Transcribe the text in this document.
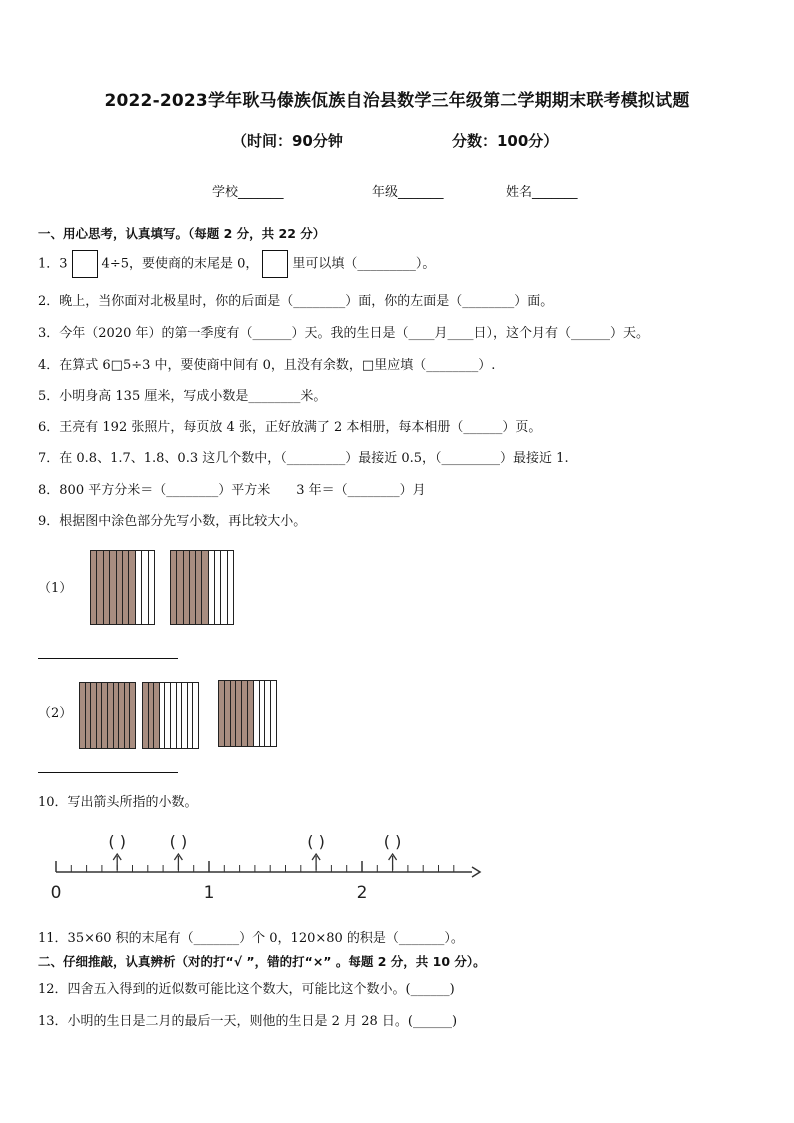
2022-2023学年耿马傣族佤族自治县数学三年级第二学期期末联考模拟试题
（时间：90分钟	分数：100分）
学校_______	年级_______	姓名_______
一、用心思考，认真填写。（每题 2 分，共 22 分）
1．3	4÷5，要使商的末尾是 0，	里可以填（_________）。
2．晚上，当你面对北极星时，你的后面是（________）面，你的左面是（________）面。
3．今年（2020 年）的第一季度有（______）天。我的生日是（____月____日），这个月有（______）天。
4．在算式 6□5÷3 中，要使商中间有 0，且没有余数，□里应填（________）.
5．小明身高 135 厘米，写成小数是________米。
6．王亮有 192 张照片，每页放 4 张，正好放满了 2 本相册，每本相册（______）页。
7．在 0.8、1.7、1.8、0.3 这几个数中，（_________）最接近 0.5，（_________）最接近 1.
8．800 平方分米＝（________）平方米　　3 年＝（________）月
9．根据图中涂色部分先写小数，再比较大小。
（1）
（2）
10．写出箭头所指的小数。
0	1	2
( )	( )	( )	( )
11．35×60 积的末尾有（_______）个 0，120×80 的积是（_______）。
二、仔细推敲，认真辨析（对的打“√ ”，错的打“×” 。每题 2 分，共 10 分）。
12．四舍五入得到的近似数可能比这个数大，可能比这个数小。(______)
13．小明的生日是二月的最后一天，则他的生日是 2 月 28 日。(______)
